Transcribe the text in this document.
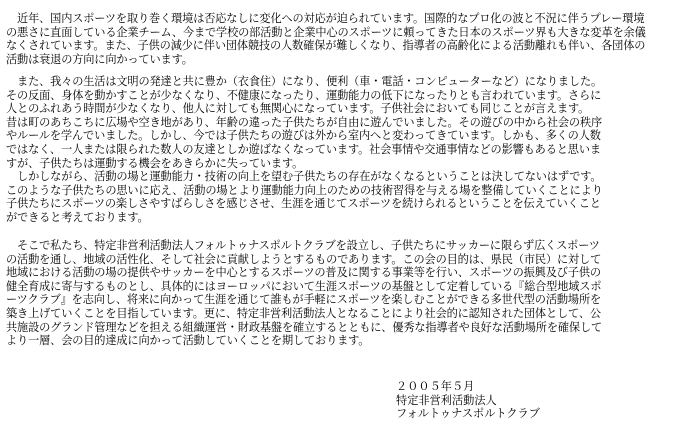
　近年、国内スポーツを取り巻く環境は否応なしに変化への対応が迫られています。国際的なプロ化の波と不況に伴うプレー環境
の悪さに直面している企業チーム、今まで学校の部活動と企業中心のスポーツに頼ってきた日本のスポーツ界も大きな変革を余儀
なくされています。また、子供の減少に伴い団体競技の人数確保が難しくなり、指導者の高齢化による活動離れも伴い、各団体の
活動は衰退の方向に向かっています。
　また、我々の生活は文明の発達と共に豊か（衣食住）になり、便利（車・電話・コンピューターなど）になりました。
その反面、身体を動かすことが少なくなり、不健康になったり、運動能力の低下になったりとも言われています。さらに
人とのふれあう時間が少なくなり、他人に対しても無関心になっています。子供社会においても同じことが言えます。
昔は町のあちこちに広場や空き地があり、年齢の違った子供たちが自由に遊んでいました。その遊びの中から社会の秩序
やルールを学んでいました。しかし、今では子供たちの遊びは外から室内へと変わってきています。しかも、多くの人数
ではなく、一人または限られた数人の友達としか遊ばなくなっています。社会事情や交通事情などの影響もあると思いま
すが、子供たちは運動する機会をあきらかに失っています。
　しかしながら、活動の場と運動能力・技術の向上を望む子供たちの存在がなくなるということは決してないはずです。
このような子供たちの思いに応え、活動の場とより運動能力向上のための技術習得を与える場を整備していくことにより
子供たちにスポーツの楽しさやすばらしさを感じさせ、生涯を通じてスポーツを続けられるということを伝えていくこと
ができると考えております。
　そこで私たち、特定非営利活動法人フォルトゥナスポルトクラブを設立し、子供たちにサッカーに限らず広くスポーツ
の活動を通し、地域の活性化、そして社会に貢献しようとするものであります。この会の目的は、県民（市民）に対して
地域における活動の場の提供やサッカーを中心とするスポーツの普及に関する事業等を行い、スポーツの振興及び子供の
健全育成に寄与するものとし、具体的にはヨーロッパにおいて生涯スポーツの基盤として定着している『総合型地域スポ
ーツクラブ』を志向し、将来に向かって生涯を通じて誰もが手軽にスポーツを楽しむことができる多世代型の活動場所を
築き上げていくことを目指しています。更に、特定非営利活動法人となることにより社会的に認知された団体として、公
共施設のグランド管理などを担える組織運営・財政基盤を確立するとともに、優秀な指導者や良好な活動場所を確保して
より一層、会の目的達成に向かって活動していくことを期しております。
２００５年５月
特定非営利活動法人
フォルトゥナスポルトクラブ
